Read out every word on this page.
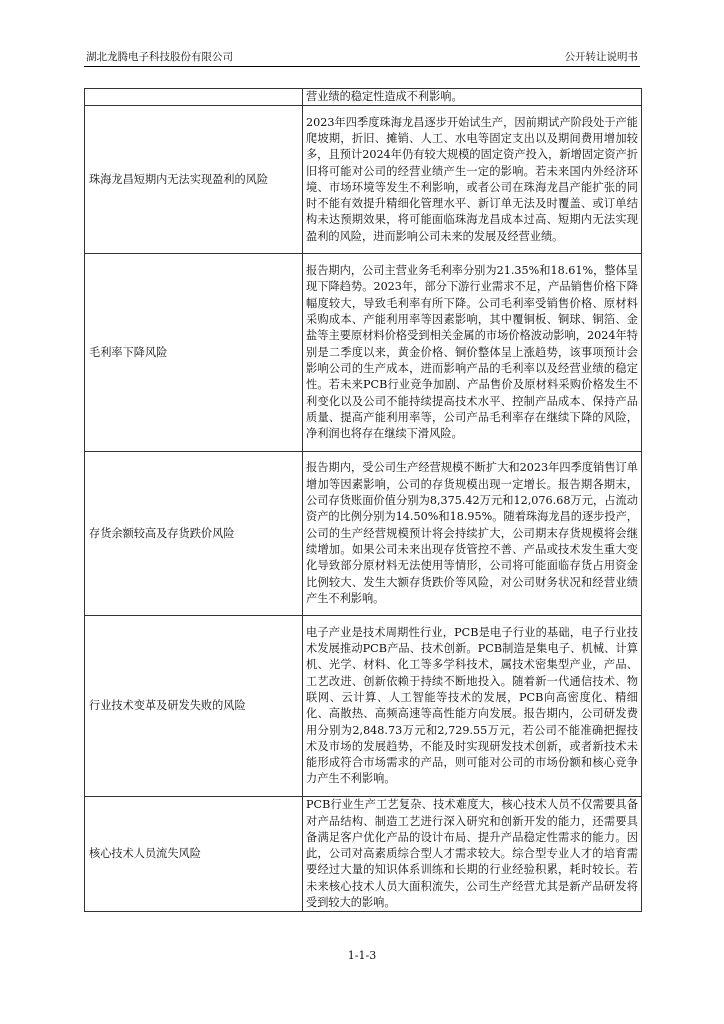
湖北龙腾电子科技股份有限公司	公开转让说明书
	营业绩的稳定性造成不利影响。
珠海龙昌短期内无法实现盈利的风险	2023年四季度珠海龙昌逐步开始试生产，因前期试产阶段处于产能爬坡期，折旧、摊销、人工、水电等固定支出以及期间费用增加较多，且预计2024年仍有较大规模的固定资产投入，新增固定资产折旧将可能对公司的经营业绩产生一定的影响。若未来国内外经济环境、市场环境等发生不利影响，或者公司在珠海龙昌产能扩张的同时不能有效提升精细化管理水平、新订单无法及时覆盖、或订单结构未达预期效果，将可能面临珠海龙昌成本过高、短期内无法实现盈利的风险，进而影响公司未来的发展及经营业绩。
毛利率下降风险	报告期内，公司主营业务毛利率分别为21.35%和18.61%，整体呈现下降趋势。2023年，部分下游行业需求不足，产品销售价格下降幅度较大，导致毛利率有所下降。公司毛利率受销售价格、原材料采购成本、产能利用率等因素影响，其中覆铜板、铜球、铜箔、金盐等主要原材料价格受到相关金属的市场价格波动影响，2024年特别是二季度以来，黄金价格、铜价整体呈上涨趋势，该事项预计会影响公司的生产成本，进而影响产品的毛利率以及经营业绩的稳定性。若未来PCB行业竞争加剧、产品售价及原材料采购价格发生不利变化以及公司不能持续提高技术水平、控制产品成本、保持产品质量、提高产能利用率等，公司产品毛利率存在继续下降的风险，净利润也将存在继续下滑风险。
存货余额较高及存货跌价风险	报告期内，受公司生产经营规模不断扩大和2023年四季度销售订单增加等因素影响，公司的存货规模出现一定增长。报告期各期末，公司存货账面价值分别为8,375.42万元和12,076.68万元，占流动资产的比例分别为14.50%和18.95%。随着珠海龙昌的逐步投产，公司的生产经营规模预计将会持续扩大，公司期末存货规模将会继续增加。如果公司未来出现存货管控不善、产品或技术发生重大变化导致部分原材料无法使用等情形，公司将可能面临存货占用资金比例较大、发生大额存货跌价等风险，对公司财务状况和经营业绩产生不利影响。
行业技术变革及研发失败的风险	电子产业是技术周期性行业，PCB是电子行业的基础，电子行业技术发展推动PCB产品、技术创新。PCB制造是集电子、机械、计算机、光学、材料、化工等多学科技术，属技术密集型产业，产品、工艺改进、创新依赖于持续不断地投入。随着新一代通信技术、物联网、云计算、人工智能等技术的发展，PCB向高密度化、精细化、高散热、高频高速等高性能方向发展。报告期内，公司研发费用分别为2,848.73万元和2,729.55万元，若公司不能准确把握技术及市场的发展趋势，不能及时实现研发技术创新，或者新技术未能形成符合市场需求的产品，则可能对公司的市场份额和核心竞争力产生不利影响。
核心技术人员流失风险	PCB行业生产工艺复杂、技术难度大，核心技术人员不仅需要具备对产品结构、制造工艺进行深入研究和创新开发的能力，还需要具备满足客户优化产品的设计布局、提升产品稳定性需求的能力。因此，公司对高素质综合型人才需求较大。综合型专业人才的培育需要经过大量的知识体系训练和长期的行业经验积累，耗时较长。若未来核心技术人员大面积流失，公司生产经营尤其是新产品研发将受到较大的影响。
1-1-3
